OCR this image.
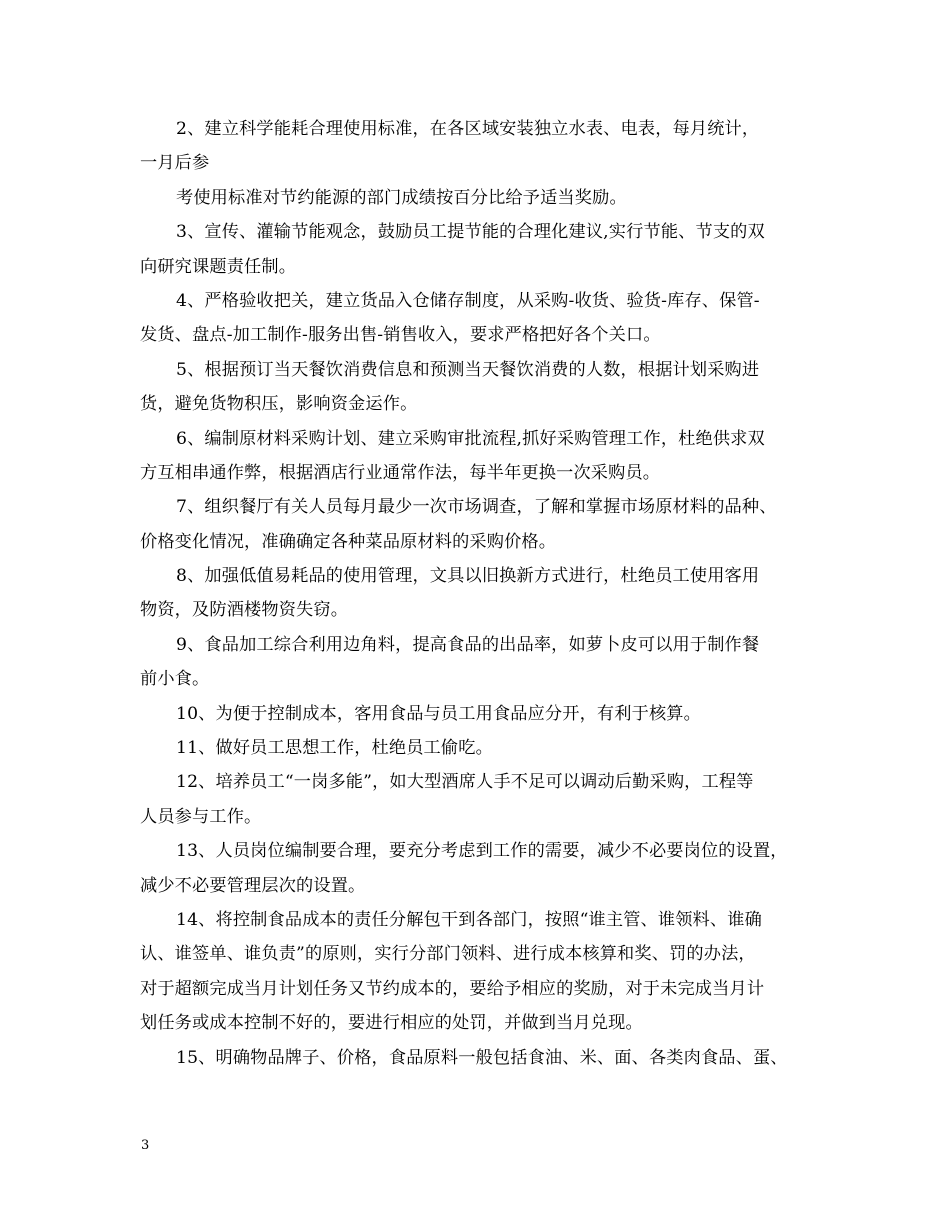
2、建立科学能耗合理使用标准，在各区域安装独立水表、电表，每月统计，
一月后参
考使用标准对节约能源的部门成绩按百分比给予适当奖励。
3、宣传、灌输节能观念，鼓励员工提节能的合理化建议,实行节能、节支的双
向研究课题责任制。
4、严格验收把关，建立货品入仓储存制度，从采购-收货、验货-库存、保管-
发货、盘点-加工制作-服务出售-销售收入，要求严格把好各个关口。
5、根据预订当天餐饮消费信息和预测当天餐饮消费的人数，根据计划采购进
货，避免货物积压，影响资金运作。
6、编制原材料采购计划、建立采购审批流程,抓好采购管理工作，杜绝供求双
方互相串通作弊，根据酒店行业通常作法，每半年更换一次采购员。
7、组织餐厅有关人员每月最少一次市场调查，了解和掌握市场原材料的品种、
价格变化情况，准确确定各种菜品原材料的采购价格。
8、加强低值易耗品的使用管理，文具以旧换新方式进行，杜绝员工使用客用
物资，及防酒楼物资失窃。
9、食品加工综合利用边角料，提高食品的出品率，如萝卜皮可以用于制作餐
前小食。
10、为便于控制成本，客用食品与员工用食品应分开，有利于核算。
11、做好员工思想工作，杜绝员工偷吃。
12、培养员工“一岗多能”，如大型酒席人手不足可以调动后勤采购，工程等
人员参与工作。
13、人员岗位编制要合理，要充分考虑到工作的需要，减少不必要岗位的设置，
减少不必要管理层次的设置。
14、将控制食品成本的责任分解包干到各部门，按照“谁主管、谁领料、谁确
认、谁签单、谁负责”的原则，实行分部门领料、进行成本核算和奖、罚的办法，
对于超额完成当月计划任务又节约成本的，要给予相应的奖励，对于未完成当月计
划任务或成本控制不好的，要进行相应的处罚，并做到当月兑现。
15、明确物品牌子、价格，食品原料一般包括食油、米、面、各类肉食品、蛋、
3
